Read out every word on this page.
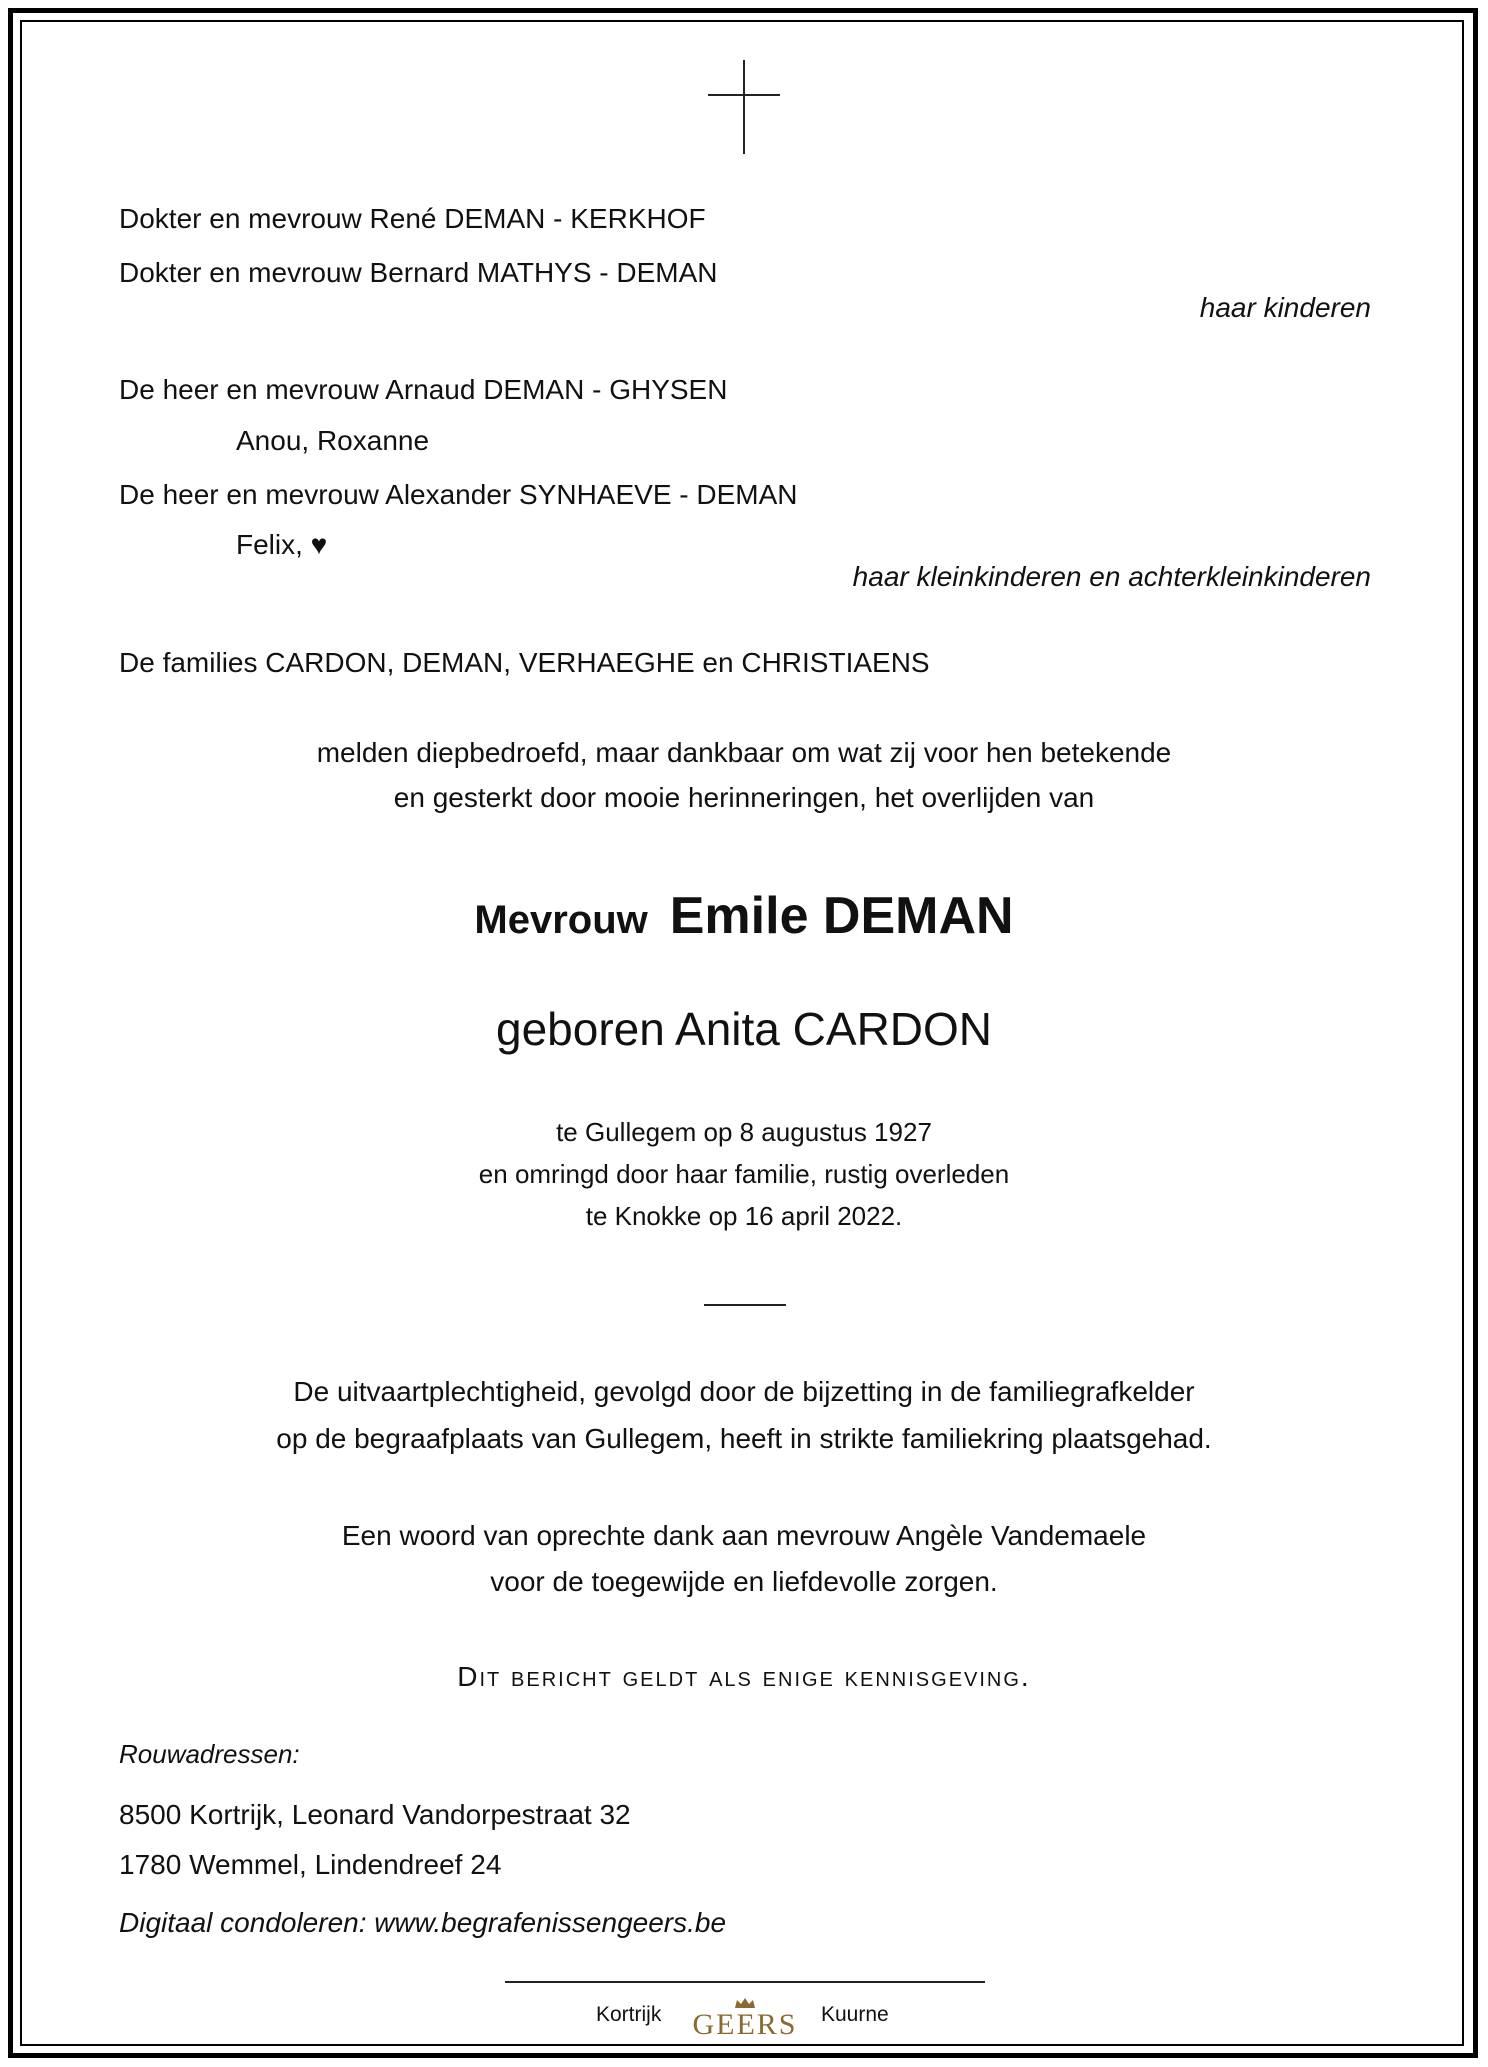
Dokter en mevrouw René DEMAN - KERKHOF
Dokter en mevrouw Bernard MATHYS - DEMAN
haar kinderen
De heer en mevrouw Arnaud DEMAN - GHYSEN
Anou, Roxanne
De heer en mevrouw Alexander SYNHAEVE - DEMAN
Felix, ♥
haar kleinkinderen en achterkleinkinderen
De families CARDON, DEMAN, VERHAEGHE en CHRISTIAENS
melden diepbedroefd, maar dankbaar om wat zij voor hen betekende
en gesterkt door mooie herinneringen, het overlijden van
Mevrouw Emile DEMAN
geboren Anita CARDON
te Gullegem op 8 augustus 1927
en omringd door haar familie, rustig overleden
te Knokke op 16 april 2022.
De uitvaartplechtigheid, gevolgd door de bijzetting in de familiegrafkelder
op de begraafplaats van Gullegem, heeft in strikte familiekring plaatsgehad.
Een woord van oprechte dank aan mevrouw Angèle Vandemaele
voor de toegewijde en liefdevolle zorgen.
Dit bericht geldt als enige kennisgeving.
Rouwadressen:
8500 Kortrijk, Leonard Vandorpestraat 32
1780 Wemmel, Lindendreef 24
Digitaal condoleren: www.begrafenissengeers.be
Kortrijk GEERS Kuurne
